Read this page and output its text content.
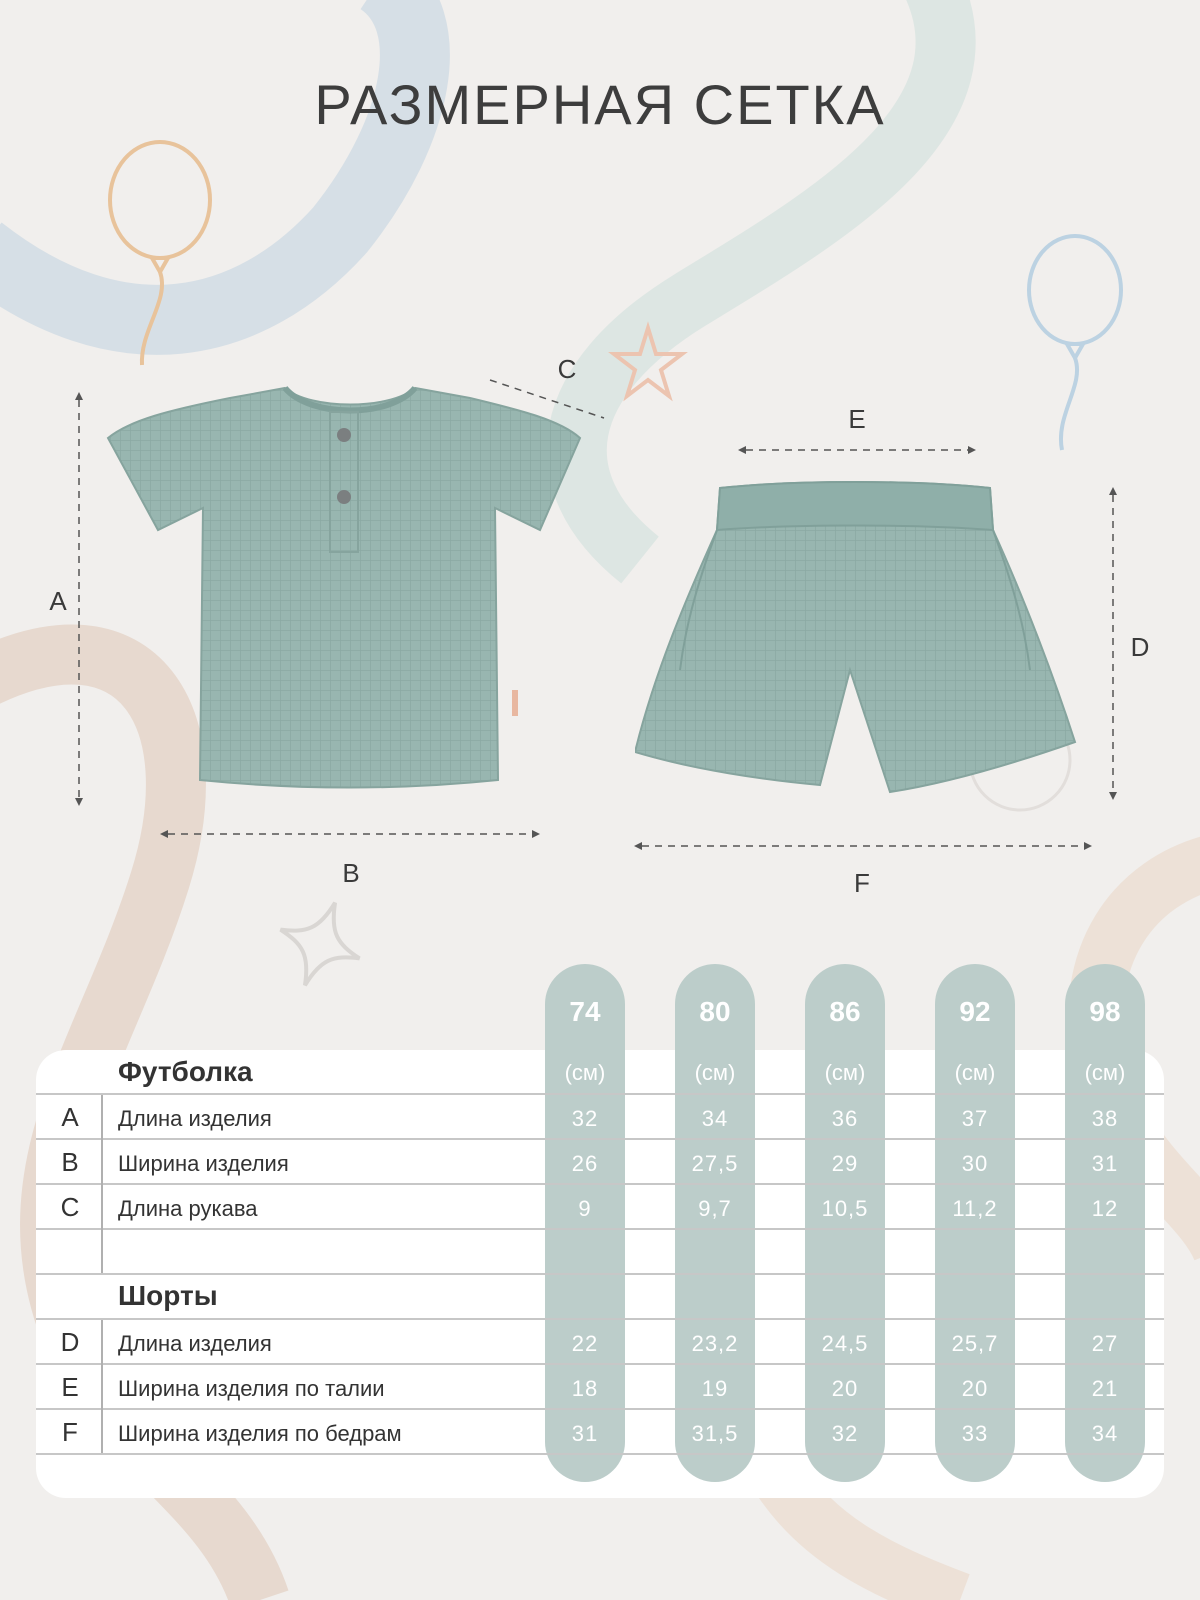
РАЗМЕРНАЯ СЕТКА
A
B
C
E
D
F
74	80	86	92	98
(см)	(см)	(см)	(см)	(см)
Футболка
Шорты
A	Длина изделия	32	34	36	37	38
B	Ширина изделия	26	27,5	29	30	31
C	Длина рукава	9	9,7	10,5	11,2	12
D	Длина изделия	22	23,2	24,5	25,7	27
E	Ширина изделия по талии	18	19	20	20	21
F	Ширина изделия по бедрам	31	31,5	32	33	34
